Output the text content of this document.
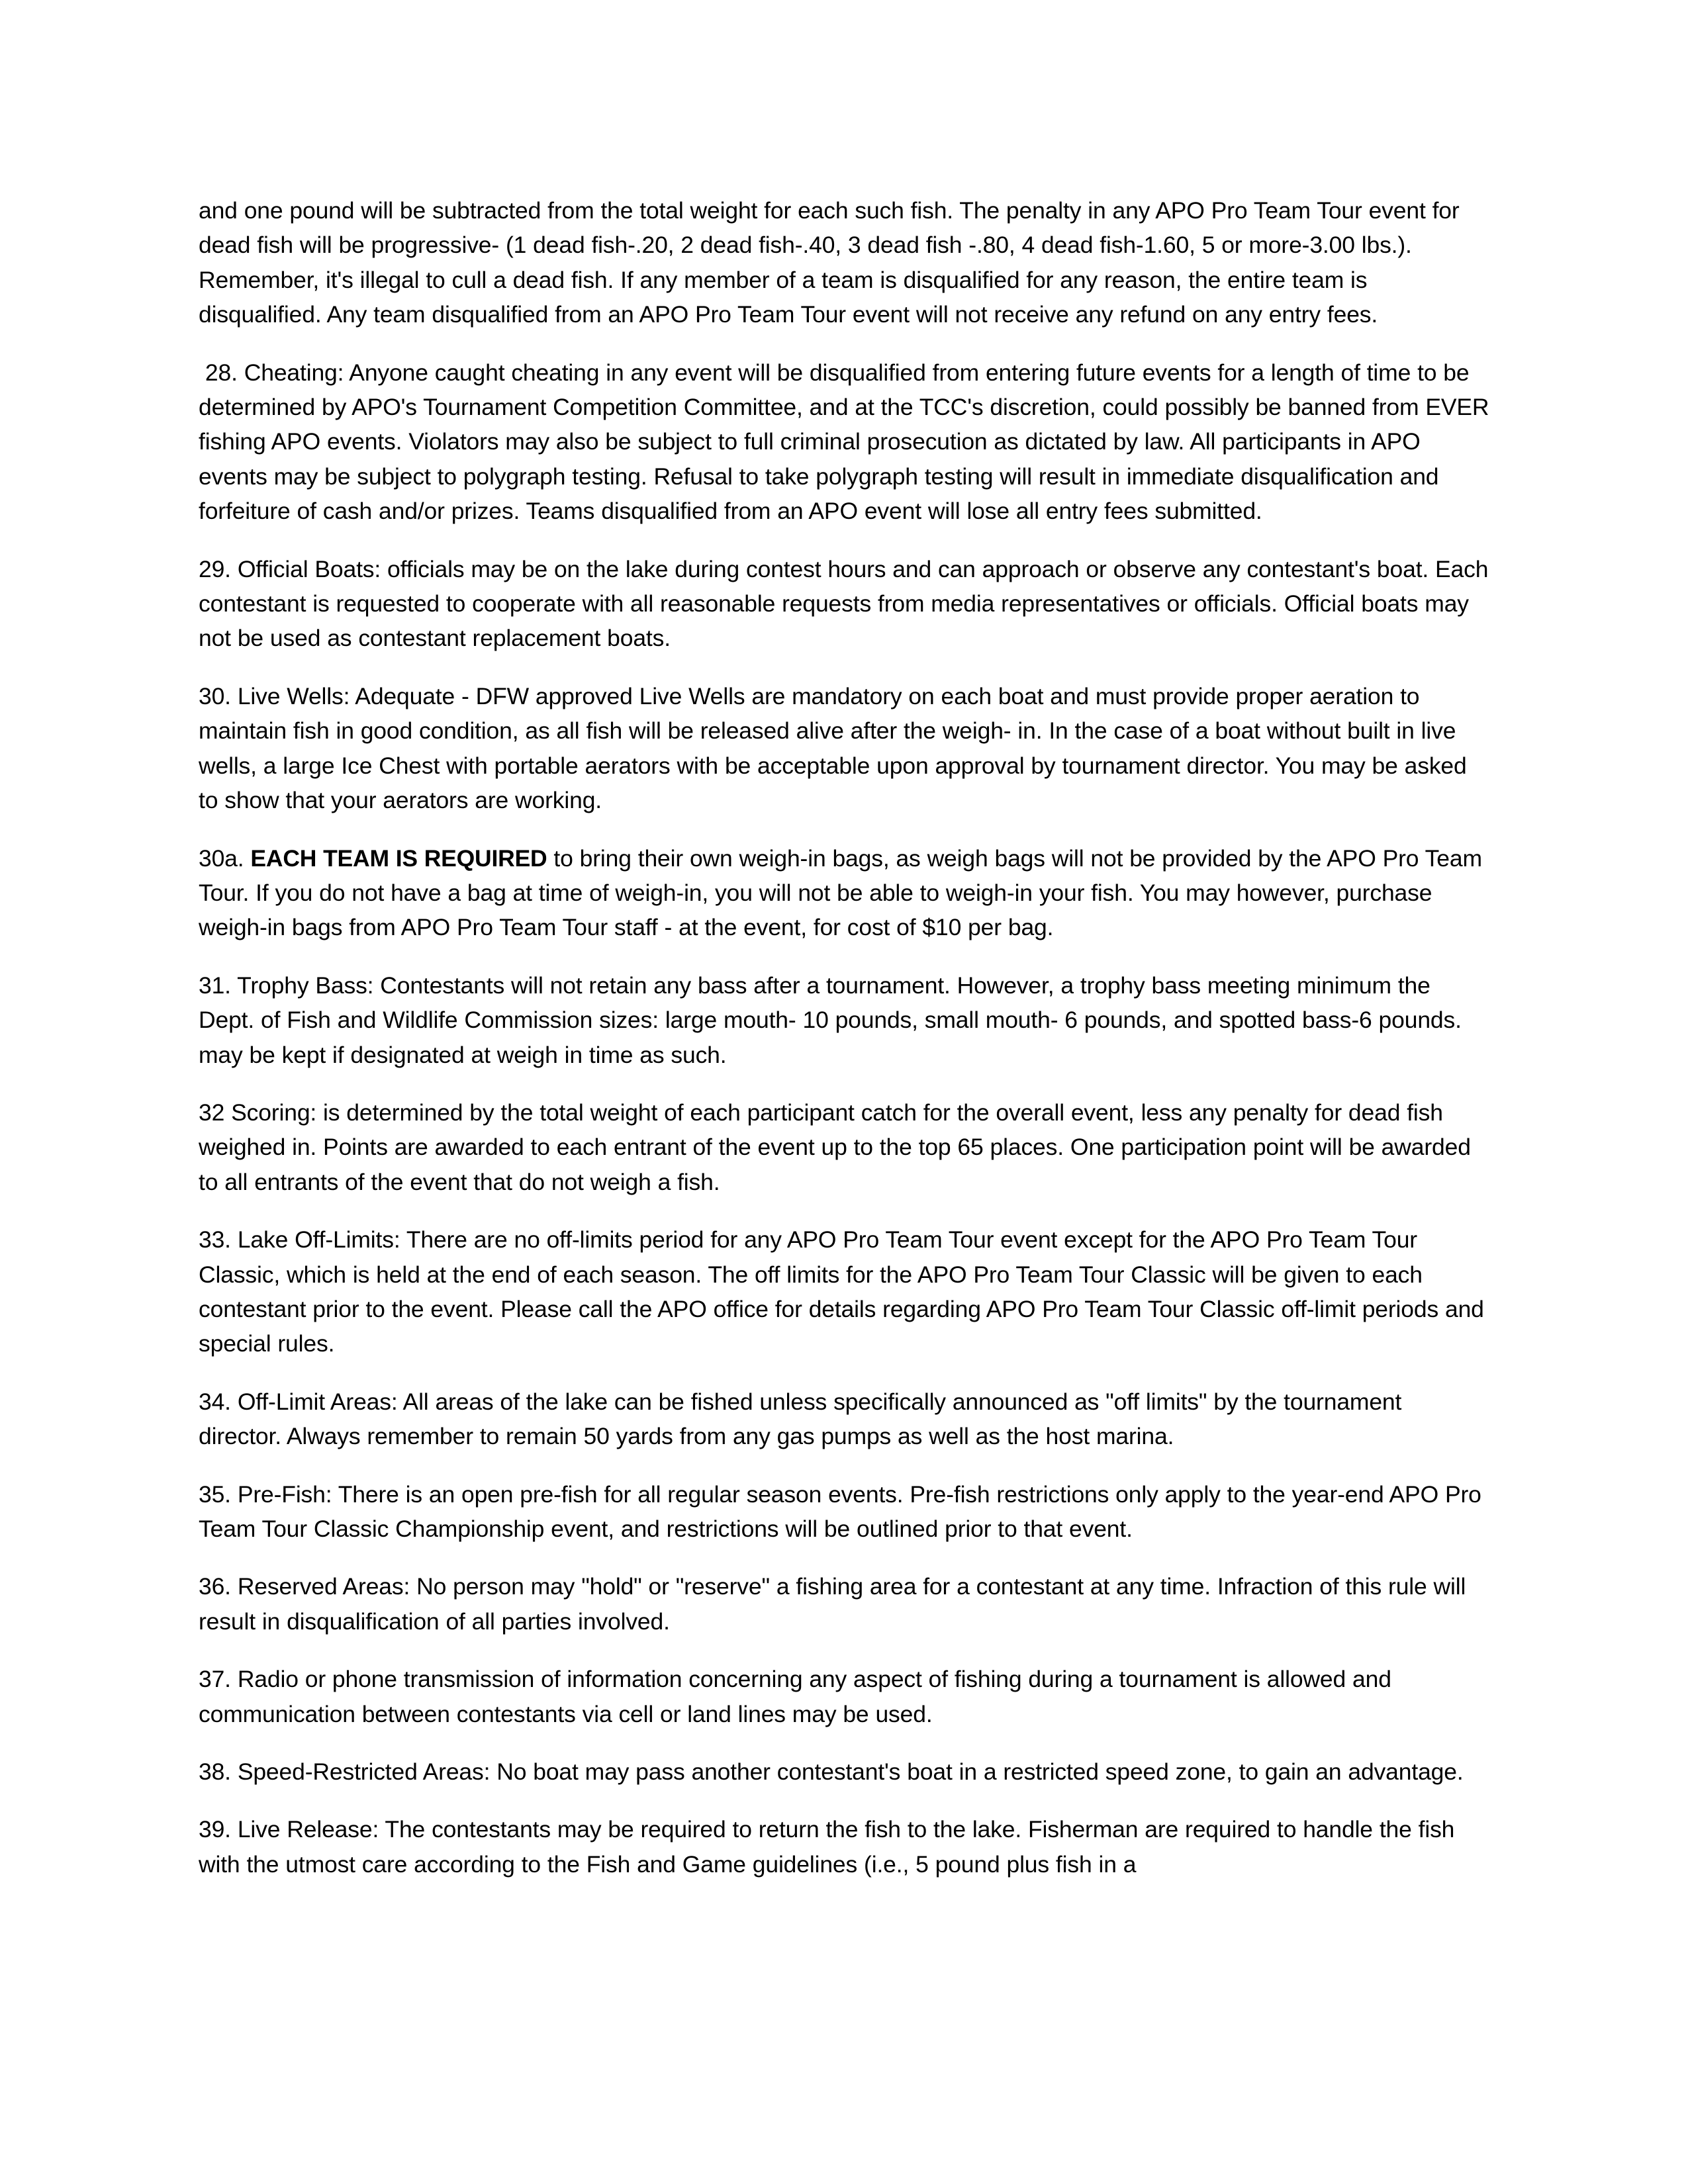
and one pound will be subtracted from the total weight for each such fish. The penalty in any APO Pro Team Tour event for dead fish will be progressive- (1 dead fish-.20, 2 dead fish-.40, 3 dead fish -.80, 4 dead fish-1.60, 5 or more-3.00 lbs.). Remember, it's illegal to cull a dead fish. If any member of a team is disqualified for any reason, the entire team is disqualified. Any team disqualified from an APO Pro Team Tour event will not receive any refund on any entry fees.

28. Cheating: Anyone caught cheating in any event will be disqualified from entering future events for a length of time to be determined by APO's Tournament Competition Committee, and at the TCC's discretion, could possibly be banned from EVER fishing APO events. Violators may also be subject to full criminal prosecution as dictated by law. All participants in APO events may be subject to polygraph testing. Refusal to take polygraph testing will result in immediate disqualification and forfeiture of cash and/or prizes. Teams disqualified from an APO event will lose all entry fees submitted.

29. Official Boats: officials may be on the lake during contest hours and can approach or observe any contestant's boat. Each contestant is requested to cooperate with all reasonable requests from media representatives or officials. Official boats may not be used as contestant replacement boats.

30. Live Wells: Adequate - DFW approved Live Wells are mandatory on each boat and must provide proper aeration to maintain fish in good condition, as all fish will be released alive after the weigh- in. In the case of a boat without built in live wells, a large Ice Chest with portable aerators with be acceptable upon approval by tournament director. You may be asked to show that your aerators are working.

30a. EACH TEAM IS REQUIRED to bring their own weigh-in bags, as weigh bags will not be provided by the APO Pro Team Tour. If you do not have a bag at time of weigh-in, you will not be able to weigh-in your fish. You may however, purchase weigh-in bags from APO Pro Team Tour staff - at the event, for cost of $10 per bag.

31. Trophy Bass: Contestants will not retain any bass after a tournament. However, a trophy bass meeting minimum the Dept. of Fish and Wildlife Commission sizes: large mouth- 10 pounds, small mouth- 6 pounds, and spotted bass-6 pounds. may be kept if designated at weigh in time as such.

32 Scoring: is determined by the total weight of each participant catch for the overall event, less any penalty for dead fish weighed in. Points are awarded to each entrant of the event up to the top 65 places. One participation point will be awarded to all entrants of the event that do not weigh a fish.

33. Lake Off-Limits: There are no off-limits period for any APO Pro Team Tour event except for the APO Pro Team Tour Classic, which is held at the end of each season. The off limits for the APO Pro Team Tour Classic will be given to each contestant prior to the event. Please call the APO office for details regarding APO Pro Team Tour Classic off-limit periods and special rules.

34. Off-Limit Areas: All areas of the lake can be fished unless specifically announced as "off limits" by the tournament director. Always remember to remain 50 yards from any gas pumps as well as the host marina.

35. Pre-Fish: There is an open pre-fish for all regular season events. Pre-fish restrictions only apply to the year-end APO Pro Team Tour Classic Championship event, and restrictions will be outlined prior to that event.

36. Reserved Areas: No person may "hold" or "reserve" a fishing area for a contestant at any time. Infraction of this rule will result in disqualification of all parties involved.

37. Radio or phone transmission of information concerning any aspect of fishing during a tournament is allowed and communication between contestants via cell or land lines may be used.

38. Speed-Restricted Areas: No boat may pass another contestant's boat in a restricted speed zone, to gain an advantage.

39. Live Release: The contestants may be required to return the fish to the lake. Fisherman are required to handle the fish with the utmost care according to the Fish and Game guidelines (i.e., 5 pound plus fish in a
